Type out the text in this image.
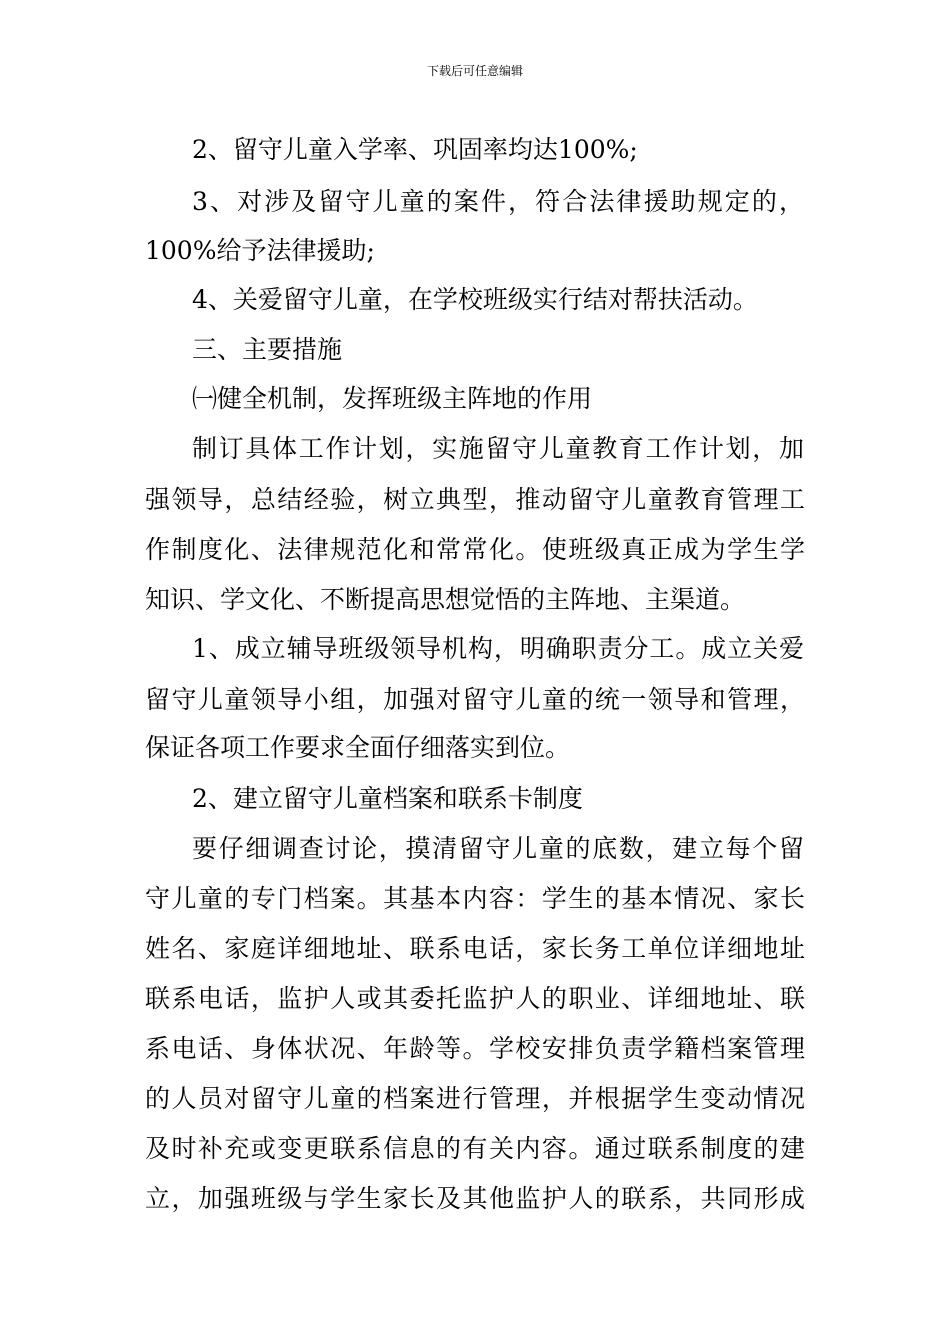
下载后可任意编辑
2、留守儿童入学率、巩固率均达100%;
3、对涉及留守儿童的案件，符合法律援助规定的，
100%给予法律援助;
4、关爱留守儿童，在学校班级实行结对帮扶活动。
三、主要措施
㈠健全机制，发挥班级主阵地的作用
制订具体工作计划，实施留守儿童教育工作计划，加
强领导，总结经验，树立典型，推动留守儿童教育管理工
作制度化、法律规范化和常常化。使班级真正成为学生学
知识、学文化、不断提高思想觉悟的主阵地、主渠道。
1、成立辅导班级领导机构，明确职责分工。成立关爱
留守儿童领导小组，加强对留守儿童的统一领导和管理，
保证各项工作要求全面仔细落实到位。
2、建立留守儿童档案和联系卡制度
要仔细调查讨论，摸清留守儿童的底数，建立每个留
守儿童的专门档案。其基本内容：学生的基本情况、家长
姓名、家庭详细地址、联系电话，家长务工单位详细地址
联系电话，监护人或其委托监护人的职业、详细地址、联
系电话、身体状况、年龄等。学校安排负责学籍档案管理
的人员对留守儿童的档案进行管理，并根据学生变动情况
及时补充或变更联系信息的有关内容。通过联系制度的建
立，加强班级与学生家长及其他监护人的联系，共同形成
